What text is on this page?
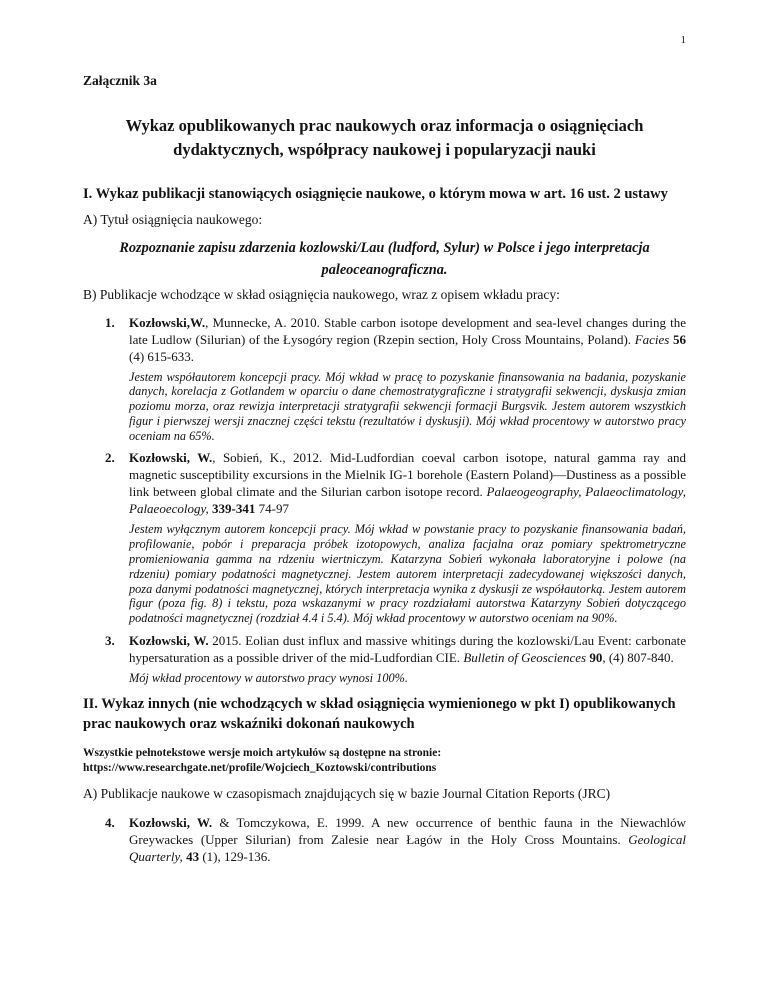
1
Załącznik 3a
Wykaz opublikowanych prac naukowych oraz informacja o osiągnięciach dydaktycznych, współpracy naukowej i popularyzacji nauki
I. Wykaz publikacji stanowiących osiągnięcie naukowe, o którym mowa w art. 16 ust. 2 ustawy
A) Tytuł osiągnięcia naukowego:
Rozpoznanie zapisu zdarzenia kozlowski/Lau (ludford, Sylur) w Polsce i jego interpretacja paleoceanograficzna.
B) Publikacje wchodzące w skład osiągnięcia naukowego, wraz z opisem wkładu pracy:
1.	Kozłowski,W., Munnecke, A. 2010. Stable carbon isotope development and sea-level changes during the late Ludlow (Silurian) of the Łysogóry region (Rzepin section, Holy Cross Mountains, Poland). Facies 56 (4) 615-633.
Jestem współautorem koncepcji pracy. Mój wkład w pracę to pozyskanie finansowania na badania, pozyskanie danych, korelacja z Gotlandem w oparciu o dane chemostratygraficzne i stratygrafii sekwencji, dyskusja zmian poziomu morza, oraz rewizja interpretacji stratygrafii sekwencji formacji Burgsvik. Jestem autorem wszystkich figur i pierwszej wersji znacznej części tekstu (rezultatów i dyskusji). Mój wkład procentowy w autorstwo pracy oceniam na 65%.
2.	Kozłowski, W., Sobień, K., 2012. Mid-Ludfordian coeval carbon isotope, natural gamma ray and magnetic susceptibility excursions in the Mielnik IG-1 borehole (Eastern Poland)—Dustiness as a possible link between global climate and the Silurian carbon isotope record. Palaeogeography, Palaeoclimatology, Palaeoecology, 339-341 74-97
Jestem wyłącznym autorem koncepcji pracy. Mój wkład w powstanie pracy to pozyskanie finansowania badań, profilowanie, pobór i preparacja próbek izotopowych, analiza facjalna oraz pomiary spektrometryczne promieniowania gamma na rdzeniu wiertniczym. Katarzyna Sobień wykonała laboratoryjne i polowe (na rdzeniu) pomiary podatności magnetycznej. Jestem autorem interpretacji zadecydowanej większości danych, poza danymi podatności magnetycznej, których interpretacja wynika z dyskusji ze współautorką. Jestem autorem figur (poza fig. 8) i tekstu, poza wskazanymi w pracy rozdziałami autorstwa Katarzyny Sobień dotyczącego podatności magnetycznej (rozdział 4.4 i 5.4). Mój wkład procentowy w autorstwo oceniam na 90%.
3.	Kozłowski, W. 2015. Eolian dust influx and massive whitings during the kozlowski/Lau Event: carbonate hypersaturation as a possible driver of the mid-Ludfordian CIE. Bulletin of Geosciences 90, (4) 807-840.
Mój wkład procentowy w autorstwo pracy wynosi 100%.
II. Wykaz innych (nie wchodzących w skład osiągnięcia wymienionego w pkt I) opublikowanych prac naukowych oraz wskaźniki dokonań naukowych
Wszystkie pełnotekstowe wersje moich artykułów są dostępne na stronie:
https://www.researchgate.net/profile/Wojciech_Koztowski/contributions
A) Publikacje naukowe w czasopismach znajdujących się w bazie Journal Citation Reports (JRC)
4.	Kozłowski, W. & Tomczykowa, E. 1999. A new occurrence of benthic fauna in the Niewachlów Greywackes (Upper Silurian) from Zalesie near Łagów in the Holy Cross Mountains. Geological Quarterly, 43 (1), 129-136.
